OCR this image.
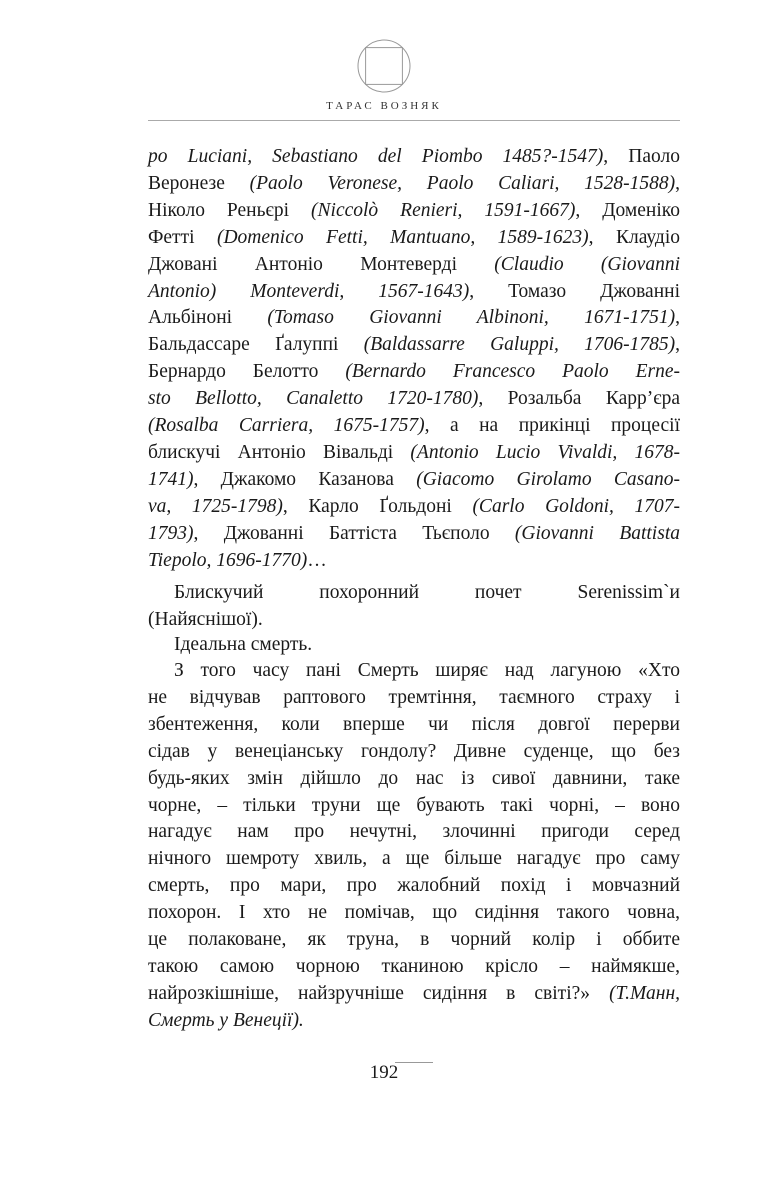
ТАРАС ВОЗНЯК
po Luciani, Sebastiano del Piombo 1485?-1547), Паоло
Веронезе (Paolo Veronese, Paolo Caliari, 1528-1588),
Ніколо Реньєрі (Niccolò Renieri, 1591-1667), Доменіко
Фетті (Domenico Fetti, Mantuano, 1589-1623), Клаудіо
Джовані Антоніо Монтеверді (Claudio (Giovanni
Antonio) Monteverdi, 1567-1643), Томазо Джованні
Альбіноні (Tomaso Giovanni Albinoni, 1671-1751),
Бальдассаре Ґалуппі (Baldassarre Galuppi, 1706-1785),
Бернардо Белотто (Bernardo Francesco Paolo Erne-
sto Bellotto, Canaletto 1720-1780), Розальба Карр’єра
(Rosalba Carriera, 1675-1757), а на прикінці процесії
блискучі Антоніо Вівальді (Antonio Lucio Vivaldi, 1678-
1741), Джакомо Казанова (Giacomo Girolamo Casano-
va, 1725-1798), Карло Ґольдоні (Carlo Goldoni, 1707-
1793), Джованні Баттіста Тьєполо (Giovanni Battista
Tiepolo, 1696-1770)…
Блискучий похоронний почет Serenissim`и
(Найяснішої).
Ідеальна смерть.
З того часу пані Смерть ширяє над лагуною «Хто
не відчував раптового тремтіння, таємного страху і
збентеження, коли вперше чи після довгої перерви
сідав у венеціанську гондолу? Дивне суденце, що без
будь-яких змін дійшло до нас із сивої давнини, таке
чорне, – тільки труни ще бувають такі чорні, – воно
нагадує нам про нечутні, злочинні пригоди серед
нічного шемроту хвиль, а ще більше нагадує про саму
смерть, про мари, про жалобний похід і мовчазний
похорон. І хто не помічав, що сидіння такого човна,
це полаковане, як труна, в чорний колір і оббите
такою самою чорною тканиною крісло – наймякше,
найрозкішніше, найзручніше сидіння в світі?» (Т.Манн,
Смерть у Венеції).
192
